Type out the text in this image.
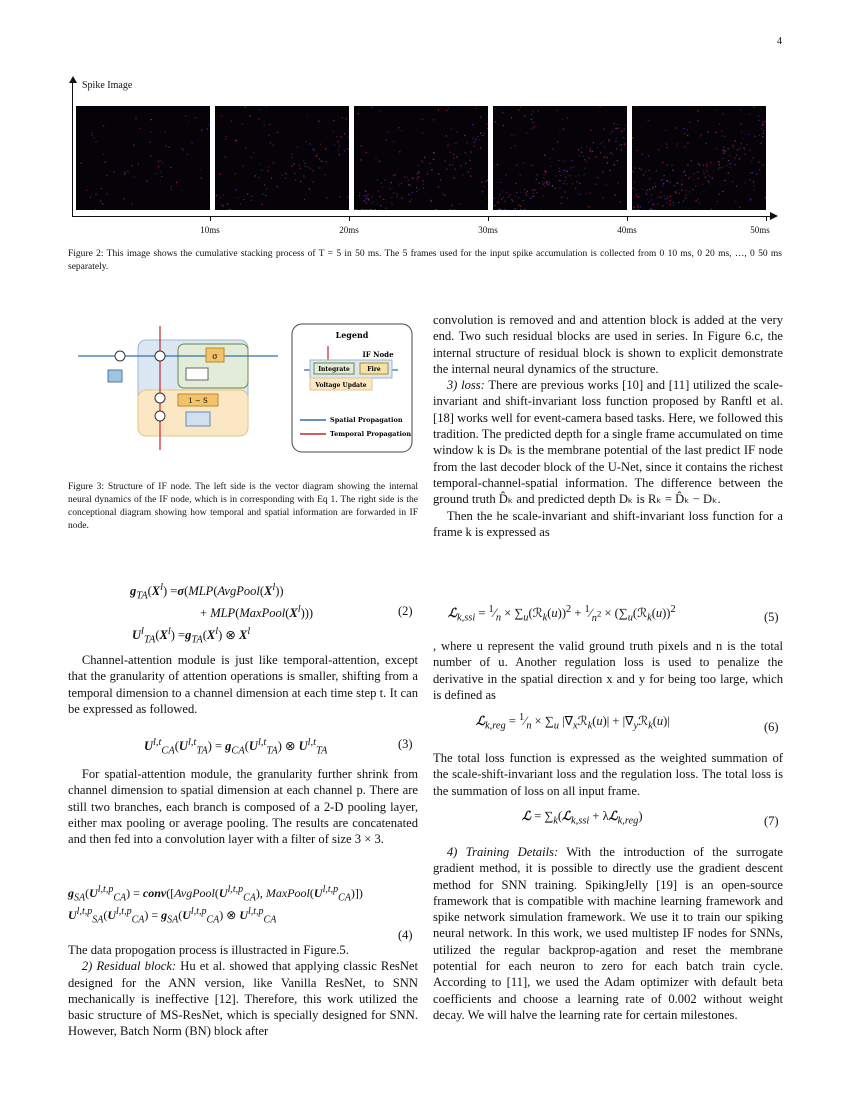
4
Spike Image
10ms	20ms	30ms	40ms	50ms
Figure 2: This image shows the cumulative stacking process of T = 5 in 50 ms. The 5 frames used for the input spike accumulation is collected from 0 10 ms, 0 20 ms, …, 0 50 ms separately.
σ
1 − S
Legend
IF Node
Integrate	Fire
Voltage Update
Spatial Propagation
Temporal Propagation
Figure 3: Structure of IF node. The left side is the vector diagram showing the internal neural dynamics of the IF node, which is in corresponding with Eq 1. The right side is the conceptional diagram showing how temporal and spatial information are forwarded in IF node.
$g_{TA}(X^l)$ $=\sigma(MLP(AvgPool(X^l))$
+ $MLP(MaxPool(X^l))$)	(2)
$U^l_{TA}(X^l) =g_{TA}(X^l)$ ⊗ $X^l$

Channel-attention module is just like temporal-attention, except that the granularity of attention operations is smaller, shifting from a temporal dimension to a channel dimension at each time step t. It can be expressed as followed.

$U^{l,t}_{CA}(U^{l,t}_{TA}) = g_{CA}(U^{l,t}_{TA})$ ⊗ U$^{l,t}_{TA}$
(3)

For spatial-attention module, the granularity further shrink from channel dimension to spatial dimension at each channel p. There are still two branches, each branch is composed of a 2-D pooling layer, either max pooling or average pooling. The results are concatenated and then fed into a convolution layer with a filter of size 3 × 3.

$g_{SA}(U^{l,t,p}_{CA})$ = $conv([AvgPool(U^{l,t,p}_{CA})$, $MaxPool(U^{l,t,p}_{CA})$])
$U^{l,t,p}_{SA}(U^{l,t,p}_{CA}) = g_{SA}(U^{l,t,p}_{CA})$ ⊗ U$^{l,t,p}_{CA}$
(4)

The data propogation process is illustracted in Figure.5.

2) Residual block: Hu et al. showed that applying classic ResNet designed for the ANN version, like Vanilla ResNet, to SNN mechanically is ineffective [12]. Therefore, this work utilized the basic structure of MS-ResNet, which is specially designed for SNN. However, Batch Norm (BN) block after

convolution is removed and and attention block is added at the very end. Two such residual blocks are used in series. In Figure 6.c, the internal structure of residual block is shown to explicit demonstrate the internal neural dynamics of the structure.

3) loss: There are previous works [10] and [11] utilized the scale-invariant and shift-invariant loss function proposed by Ranftl et al. [18] works well for event-camera based tasks. Here, we followed this tradition. The predicted depth for a single frame accumulated on time window k is Dₖ is the membrane potential of the last predict IF node from the last decoder block of the U-Net, since it contains the richest temporal-channel-spatial information. The difference between the ground truth D̂ₖ and predicted depth Dₖ is Rₖ = D̂ₖ − Dₖ.

Then the he scale-invariant and shift-invariant loss function for a frame k is expressed as

ℒ$_{k,ssi}$ = $^1⁄_n$ × $\sum_u(ℛ_k(u))^2$ + $^1⁄_{n^2}$ × ($\sum_u(ℛ_k(u))^2$
(5)

, where u represent the valid ground truth pixels and n is the total number of u. Another regulation loss is used to penalize the derivative in the spatial direction x and y for being too large, which is defined as

ℒ$_{k,reg}$ = $^1⁄_n \times \sum_u$ $|\nabla_xℛ_k(u)|$ + $|\nabla_yℛ_k(u)|$	(6)

The total loss function is expressed as the weighted summation of the scale-shift-invariant loss and the regulation loss. The total loss is the summation of loss on all input frame.

ℒ = $\sum_k(ℒ_{k,ssi}$ + λℒ$_{k,reg}$)	(7)

4) Training Details: With the introduction of the surrogate gradient method, it is possible to directly use the gradient descent method for SNN training. SpikingJelly [19] is an open-source framework that is compatible with machine learning framework and spike network simulation framework. We use it to train our spiking neural network. In this work, we used multistep IF nodes for SNNs, utilized the regular backprop-agation and reset the membrane potential for each neuron to zero for each batch train cycle. According to [11], we used the Adam optimizer with default beta coefficients and choose a learning rate of 0.002 without weight decay. We will halve the learning rate for certain milestones.
